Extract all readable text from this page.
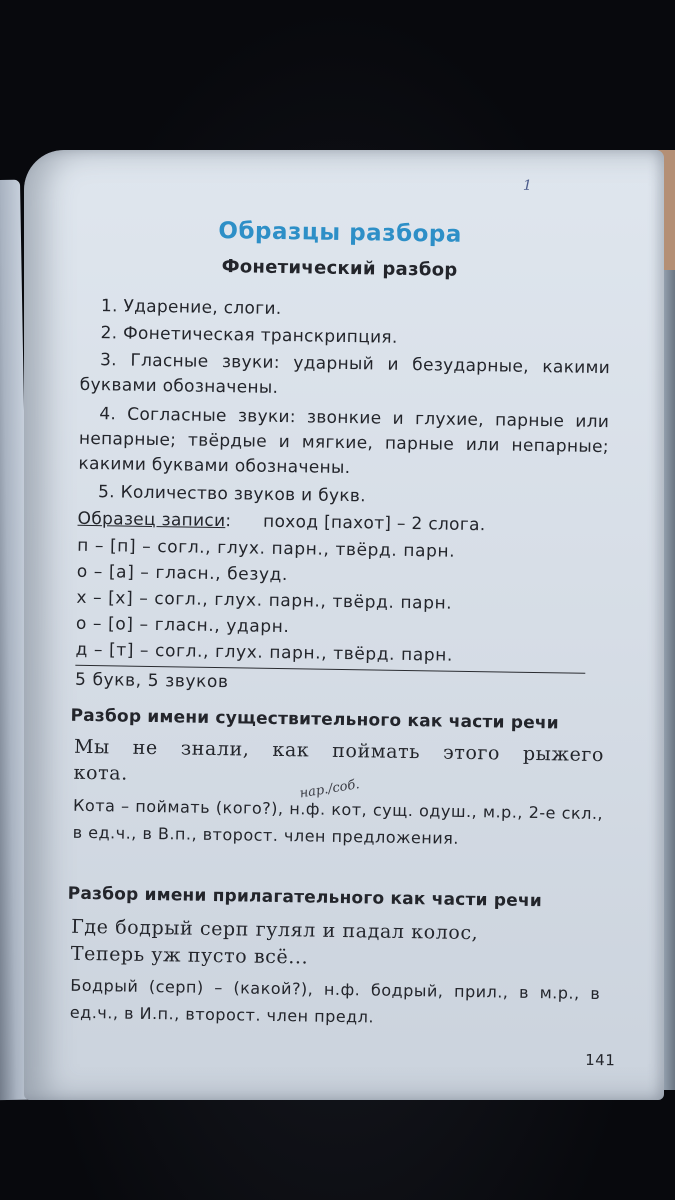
1
Образцы разбора
Фонетический разбор
1. Ударение, слоги.
2. Фонетическая транскрипция.
3. Гласные звуки: ударный и безударные, какими буквами обозначены.
4. Согласные звуки: звонкие и глухие, парные или непарные; твёрдые и мягкие, парные или непарные; какими буквами обозначены.
5. Количество звуков и букв.
Образец записи: поход [пахот] – 2 слога.
п – [п] – согл., глух. парн., твёрд. парн.
о – [а] – гласн., безуд.
х – [х] – согл., глух. парн., твёрд. парн.
о – [о] – гласн., ударн.
д – [т] – согл., глух. парн., твёрд. парн.
5 букв, 5 звуков
Разбор имени существительного как части речи
Мы не знали, как поймать этого рыжего
кота.
нар./соб.
Кота – поймать (кого?), н.ф. кот, сущ. одуш., м.р., 2-е скл., в ед.ч., в В.п., второст. член предложения.
Разбор имени прилагательного как части речи
Где бодрый серп гулял и падал колос,
Теперь уж пусто всё...
Бодрый (серп) – (какой?), н.ф. бодрый, прил., в м.р., в ед.ч., в И.п., второст. член предл.
141
